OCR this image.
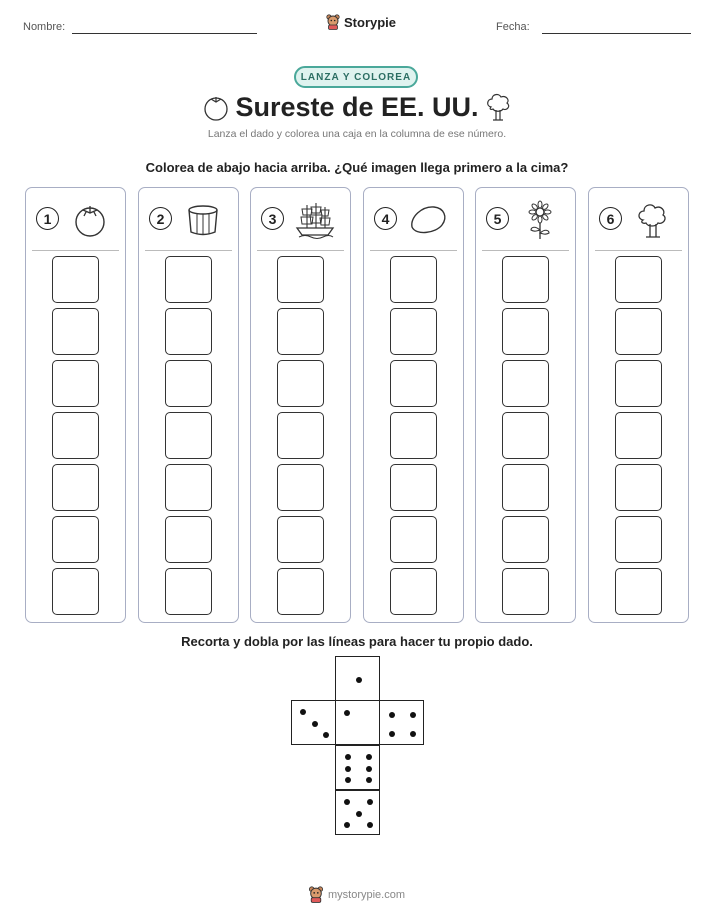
Nombre:	Storypie	Fecha:
LANZA Y COLOREA
Sureste de EE. UU.
Lanza el dado y colorea una caja en la columna de ese número.
Colorea de abajo hacia arriba. ¿Qué imagen llega primero a la cima?
1	2	3	4	5	6
Recorta y dobla por las líneas para hacer tu propio dado.
mystorypie.com
